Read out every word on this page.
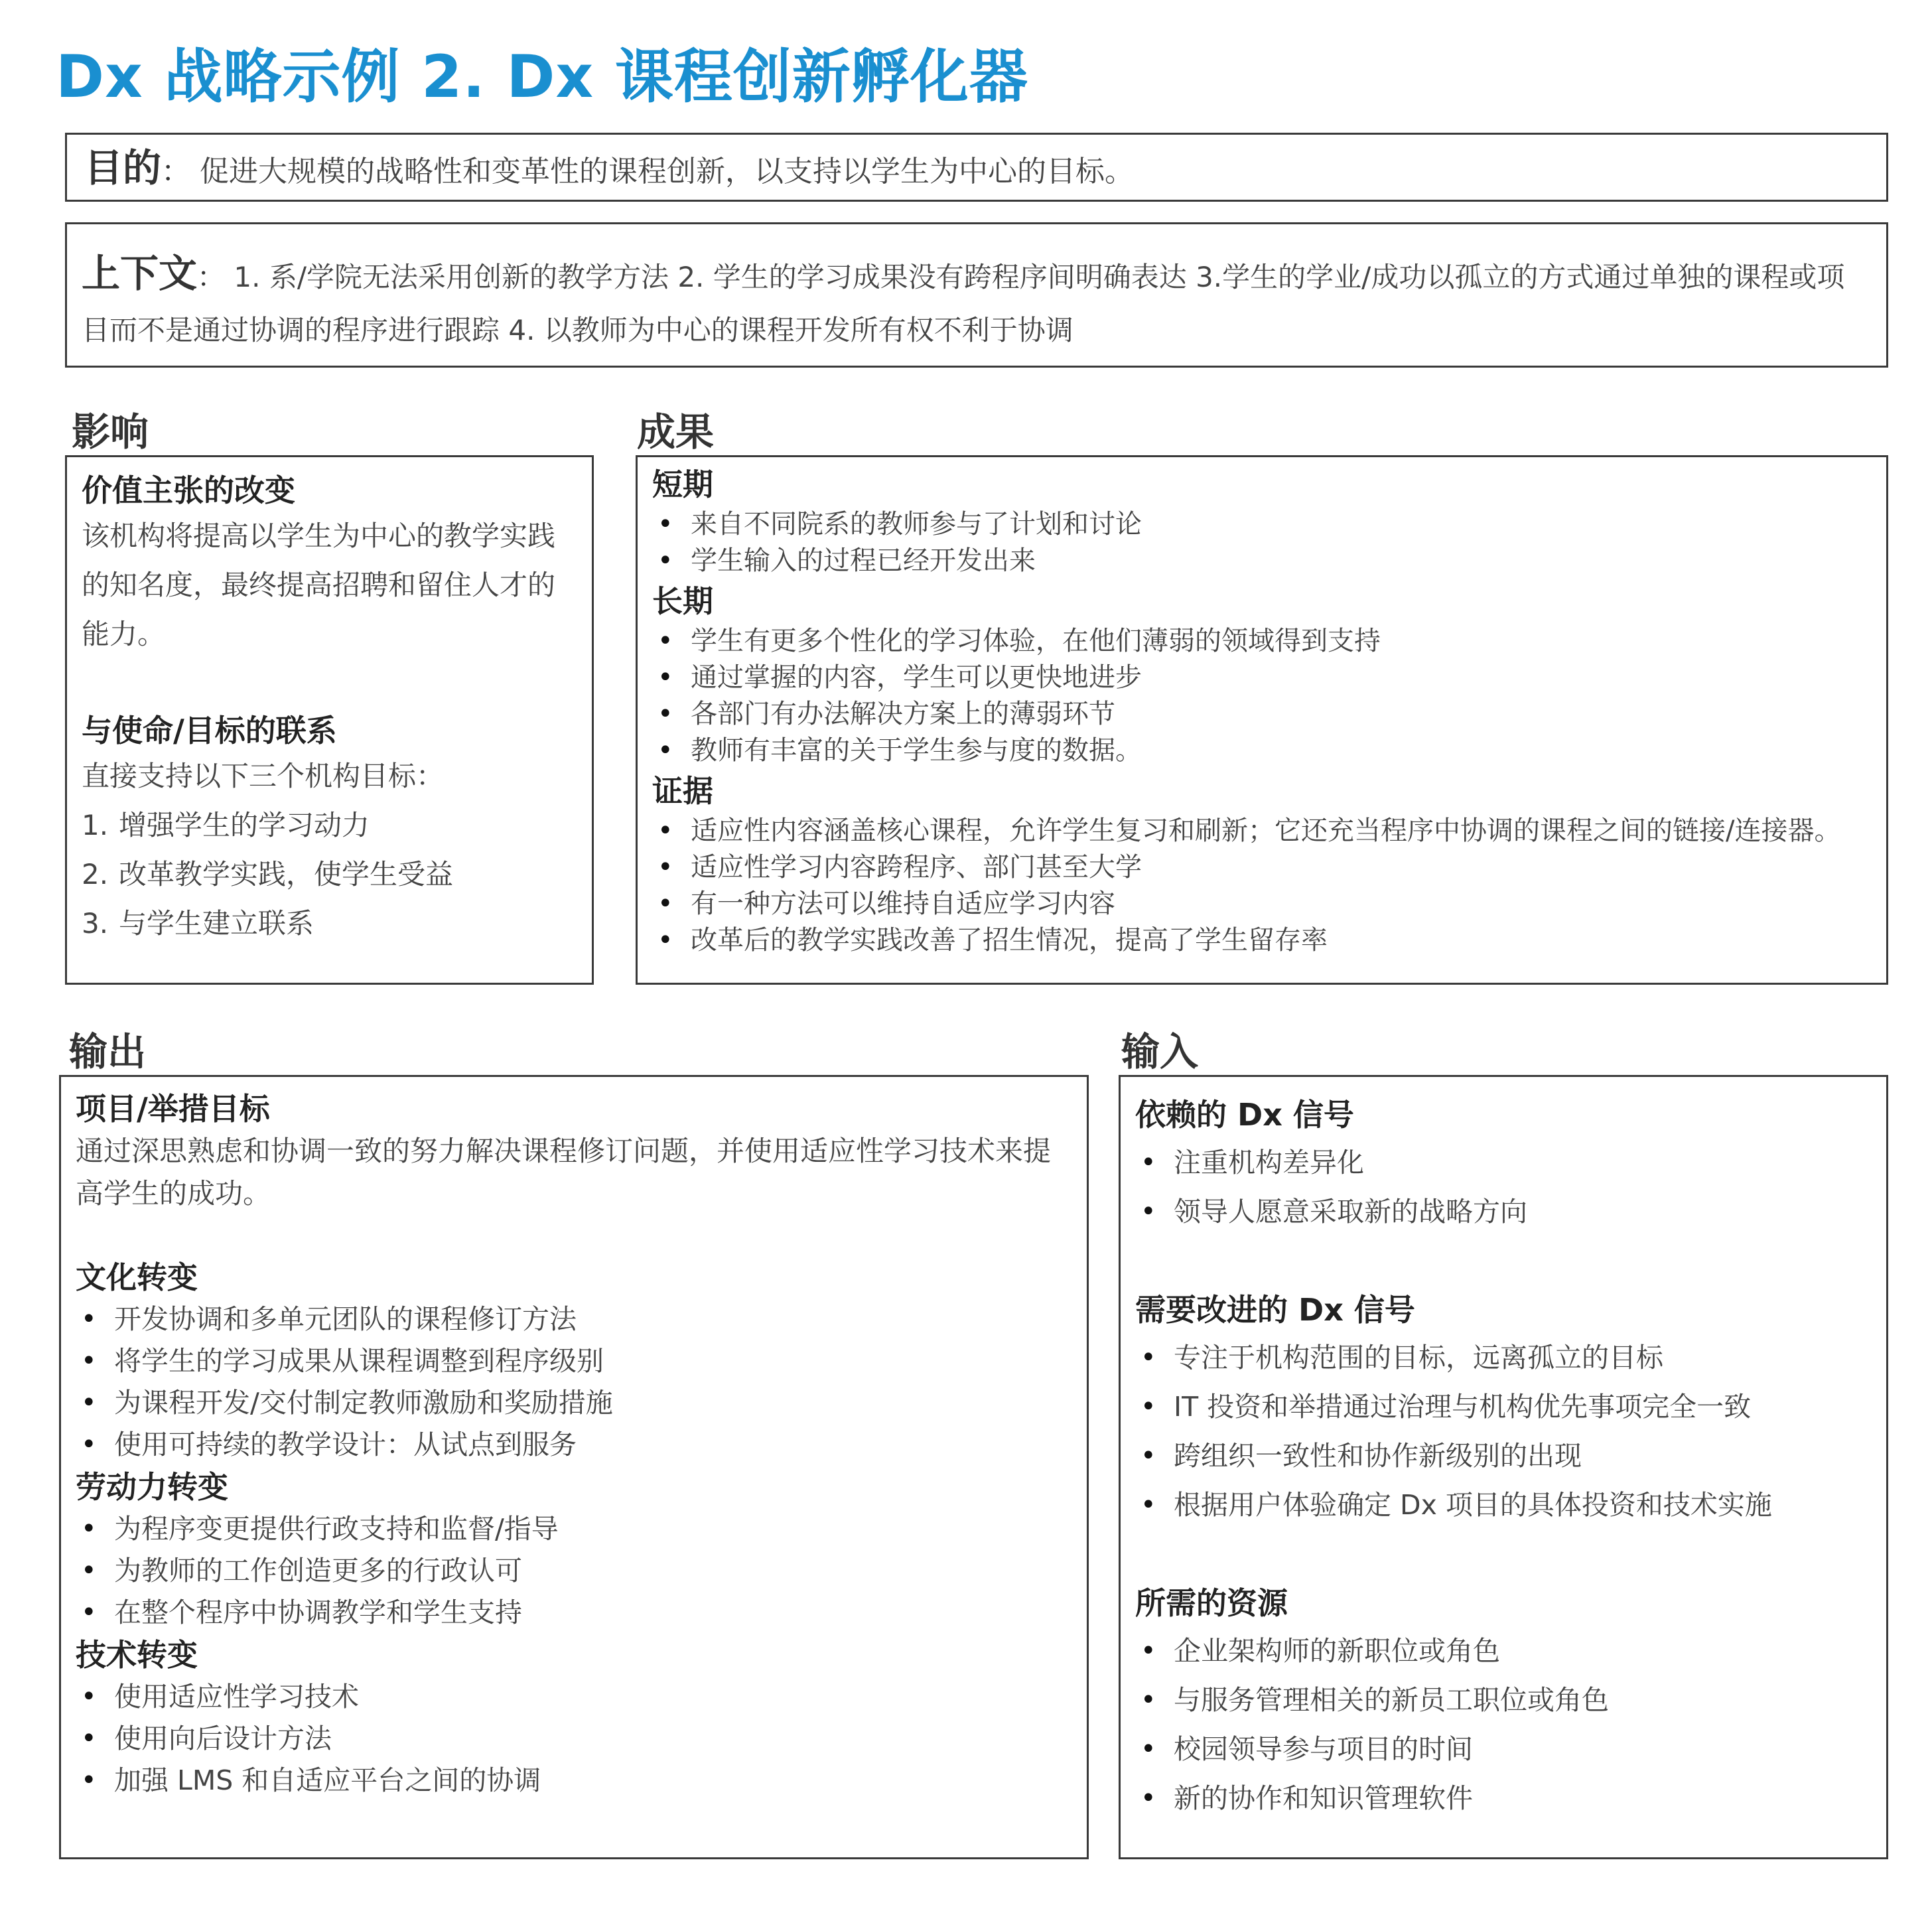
Dx 战略示例 2. Dx 课程创新孵化器
目的： 促进大规模的战略性和变革性的课程创新，以支持以学生为中心的目标。
上下文： 1. 系/学院无法采用创新的教学方法 2. 学生的学习成果没有跨程序间明确表达 3.学生的学业/成功以孤立的方式通过单独的课程或项目而不是通过协调的程序进行跟踪 4. 以教师为中心的课程开发所有权不利于协调
影响	成果
输出	输入
价值主张的改变
该机构将提高以学生为中心的教学实践的知名度，最终提高招聘和留住人才的能力。
与使命/目标的联系
直接支持以下三个机构目标：
1. 增强学生的学习动力
2. 改革教学实践，使学生受益
3. 与学生建立联系
短期
• 来自不同院系的教师参与了计划和讨论
• 学生输入的过程已经开发出来
长期
• 学生有更多个性化的学习体验，在他们薄弱的领域得到支持
• 通过掌握的内容，学生可以更快地进步
• 各部门有办法解决方案上的薄弱环节
• 教师有丰富的关于学生参与度的数据。
证据
• 适应性内容涵盖核心课程，允许学生复习和刷新；它还充当程序中协调的课程之间的链接/连接器。
• 适应性学习内容跨程序、部门甚至大学
• 有一种方法可以维持自适应学习内容
• 改革后的教学实践改善了招生情况，提高了学生留存率
项目/举措目标
通过深思熟虑和协调一致的努力解决课程修订问题，并使用适应性学习技术来提高学生的成功。
文化转变
• 开发协调和多单元团队的课程修订方法
• 将学生的学习成果从课程调整到程序级别
• 为课程开发/交付制定教师激励和奖励措施
• 使用可持续的教学设计：从试点到服务
劳动力转变
• 为程序变更提供行政支持和监督/指导
• 为教师的工作创造更多的行政认可
• 在整个程序中协调教学和学生支持
技术转变
• 使用适应性学习技术
• 使用向后设计方法
• 加强 LMS 和自适应平台之间的协调
依赖的 Dx 信号
• 注重机构差异化
• 领导人愿意采取新的战略方向
需要改进的 Dx 信号
• 专注于机构范围的目标，远离孤立的目标
• IT 投资和举措通过治理与机构优先事项完全一致
• 跨组织一致性和协作新级别的出现
• 根据用户体验确定 Dx 项目的具体投资和技术实施
所需的资源
• 企业架构师的新职位或角色
• 与服务管理相关的新员工职位或角色
• 校园领导参与项目的时间
• 新的协作和知识管理软件
